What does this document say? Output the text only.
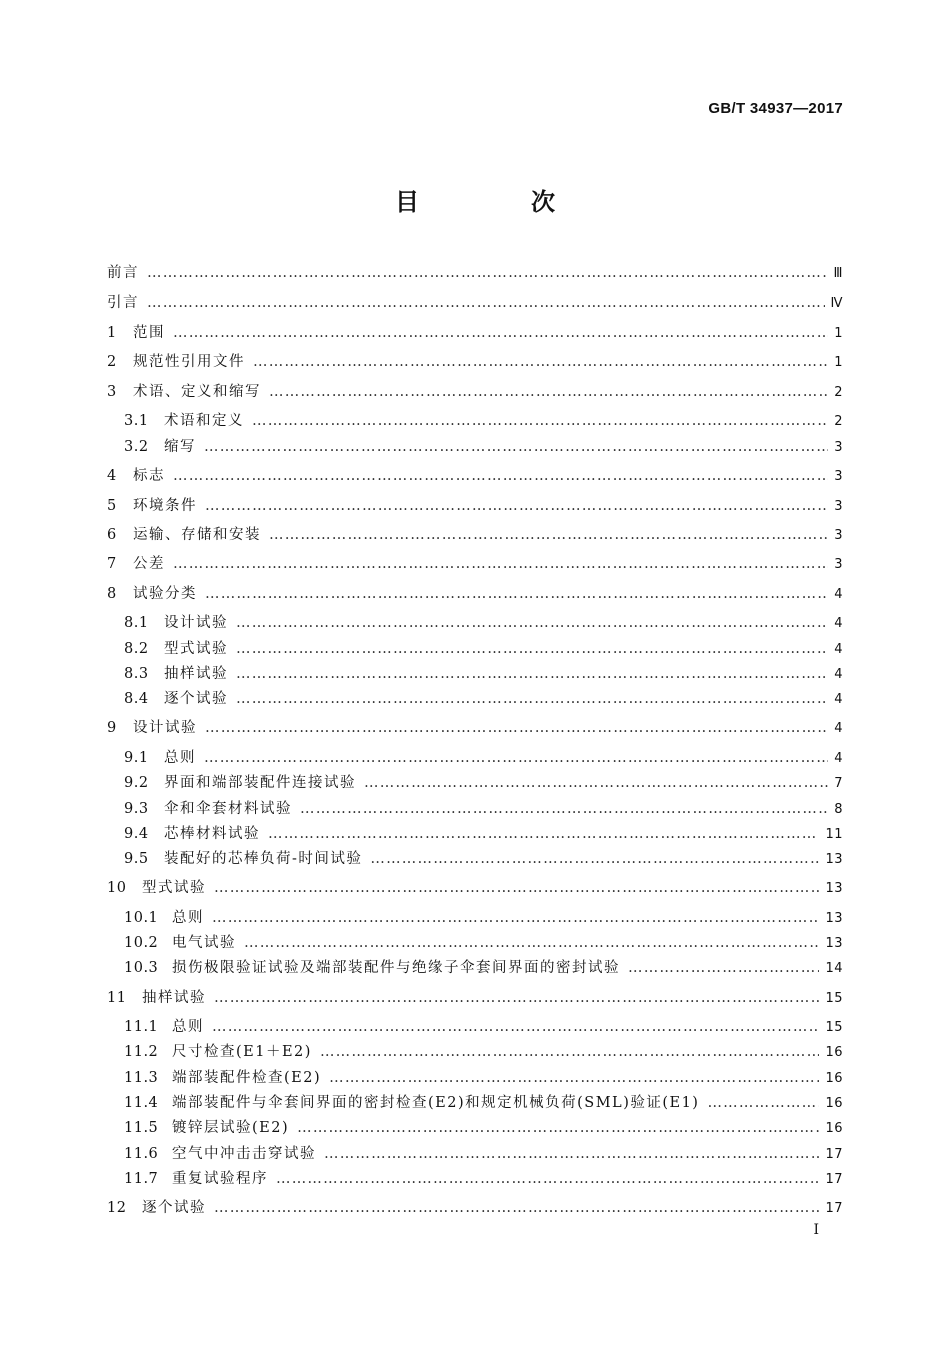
GB/T 34937—2017
目　次
前言 ……………………………………………………………………………………………………………………………………………………	Ⅲ
引言 ……………………………………………………………………………………………………………………………………………………	Ⅳ
1	范围 ……………………………………………………………………………………………………………………………………………………	1
2	规范性引用文件 ……………………………………………………………………………………………………………………………………………………	1
3	术语、定义和缩写 ……………………………………………………………………………………………………………………………………………………	2
3.1	术语和定义 ……………………………………………………………………………………………………………………………………………………	2
3.2	缩写 ……………………………………………………………………………………………………………………………………………………	3
4	标志 ……………………………………………………………………………………………………………………………………………………	3
5	环境条件 ……………………………………………………………………………………………………………………………………………………	3
6	运输、存储和安装 ……………………………………………………………………………………………………………………………………………………	3
7	公差 ……………………………………………………………………………………………………………………………………………………	3
8	试验分类 ……………………………………………………………………………………………………………………………………………………	4
8.1	设计试验 ……………………………………………………………………………………………………………………………………………………	4
8.2	型式试验 ……………………………………………………………………………………………………………………………………………………	4
8.3	抽样试验 ……………………………………………………………………………………………………………………………………………………	4
8.4	逐个试验 ……………………………………………………………………………………………………………………………………………………	4
9	设计试验 ……………………………………………………………………………………………………………………………………………………	4
9.1	总则 ……………………………………………………………………………………………………………………………………………………	4
9.2	界面和端部装配件连接试验 ……………………………………………………………………………………………………………………………………………………	7
9.3	伞和伞套材料试验 ……………………………………………………………………………………………………………………………………………………	8
9.4	芯棒材料试验 ……………………………………………………………………………………………………………………………………………………	11
9.5	装配好的芯棒负荷-时间试验 ……………………………………………………………………………………………………………………………………………………	13
10	型式试验 ……………………………………………………………………………………………………………………………………………………	13
10.1 总则 ……………………………………………………………………………………………………………………………………………………	13
10.2 电气试验 ……………………………………………………………………………………………………………………………………………………	13
10.3 损伤极限验证试验及端部装配件与绝缘子伞套间界面的密封试验 ……………………………………………………………………………………………………………………………………………………	14
11	抽样试验 ……………………………………………………………………………………………………………………………………………………	15
11.1 总则 ……………………………………………………………………………………………………………………………………………………	15
11.2 尺寸检查(E1＋E2) ……………………………………………………………………………………………………………………………………………………	16
11.3 端部装配件检查(E2) ……………………………………………………………………………………………………………………………………………………	16
11.4 端部装配件与伞套间界面的密封检查(E2)和规定机械负荷(SML)验证(E1) ……………………………………………………………………………………………………………………………………………………	16
11.5 镀锌层试验(E2) ……………………………………………………………………………………………………………………………………………………	16
11.6 空气中冲击击穿试验 ……………………………………………………………………………………………………………………………………………………	17
11.7 重复试验程序 ……………………………………………………………………………………………………………………………………………………	17
12	逐个试验 ……………………………………………………………………………………………………………………………………………………	17
Ⅰ
